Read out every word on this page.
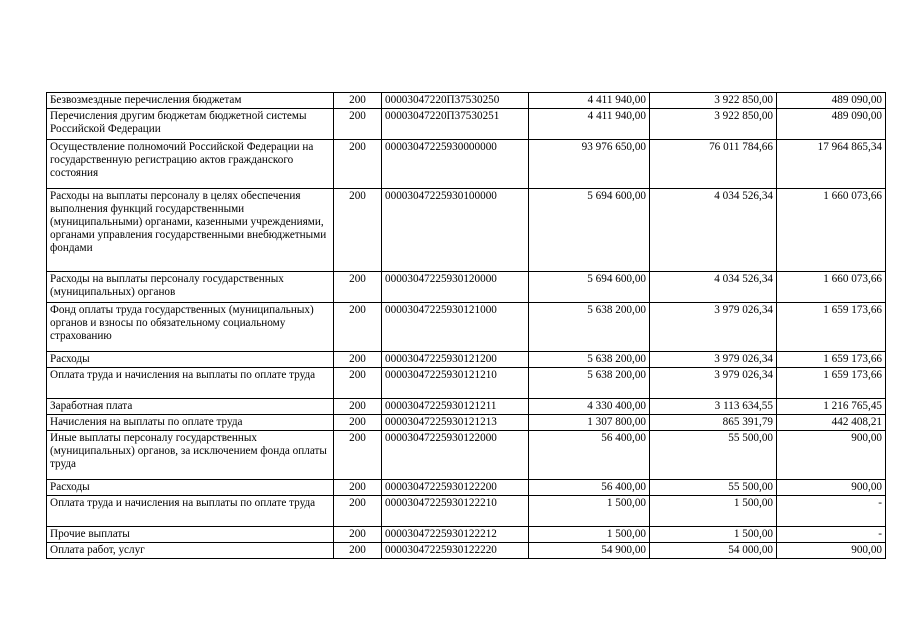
Безвозмездные перечисления бюджетам	200	00003047220П37530250	4 411 940,00	3 922 850,00	489 090,00
Перечисления другим бюджетам бюджетной системы Российской Федерации	200	00003047220П37530251	4 411 940,00	3 922 850,00	489 090,00
Осуществление полномочий Российской Федерации на государственную регистрацию актов гражданского состояния	200	00003047225930000000	93 976 650,00	76 011 784,66	17 964 865,34
Расходы на выплаты персоналу в целях обеспечения выполнения функций государственными (муниципальными) органами, казенными учреждениями, органами управления государственными внебюджетными фондами	200	00003047225930100000	5 694 600,00	4 034 526,34	1 660 073,66
Расходы на выплаты персоналу государственных (муниципальных) органов	200	00003047225930120000	5 694 600,00	4 034 526,34	1 660 073,66
Фонд оплаты труда государственных (муниципальных) органов и взносы по обязательному социальному страхованию	200	00003047225930121000	5 638 200,00	3 979 026,34	1 659 173,66
Расходы	200	00003047225930121200	5 638 200,00	3 979 026,34	1 659 173,66
Оплата труда и начисления на выплаты по оплате труда	200	00003047225930121210	5 638 200,00	3 979 026,34	1 659 173,66
Заработная плата	200	00003047225930121211	4 330 400,00	3 113 634,55	1 216 765,45
Начисления на выплаты по оплате труда	200	00003047225930121213	1 307 800,00	865 391,79	442 408,21
Иные выплаты персоналу государственных (муниципальных) органов, за исключением фонда оплаты труда	200	00003047225930122000	56 400,00	55 500,00	900,00
Расходы	200	00003047225930122200	56 400,00	55 500,00	900,00
Оплата труда и начисления на выплаты по оплате труда	200	00003047225930122210	1 500,00	1 500,00	-
Прочие выплаты	200	00003047225930122212	1 500,00	1 500,00	-
Оплата работ, услуг	200	00003047225930122220	54 900,00	54 000,00	900,00
